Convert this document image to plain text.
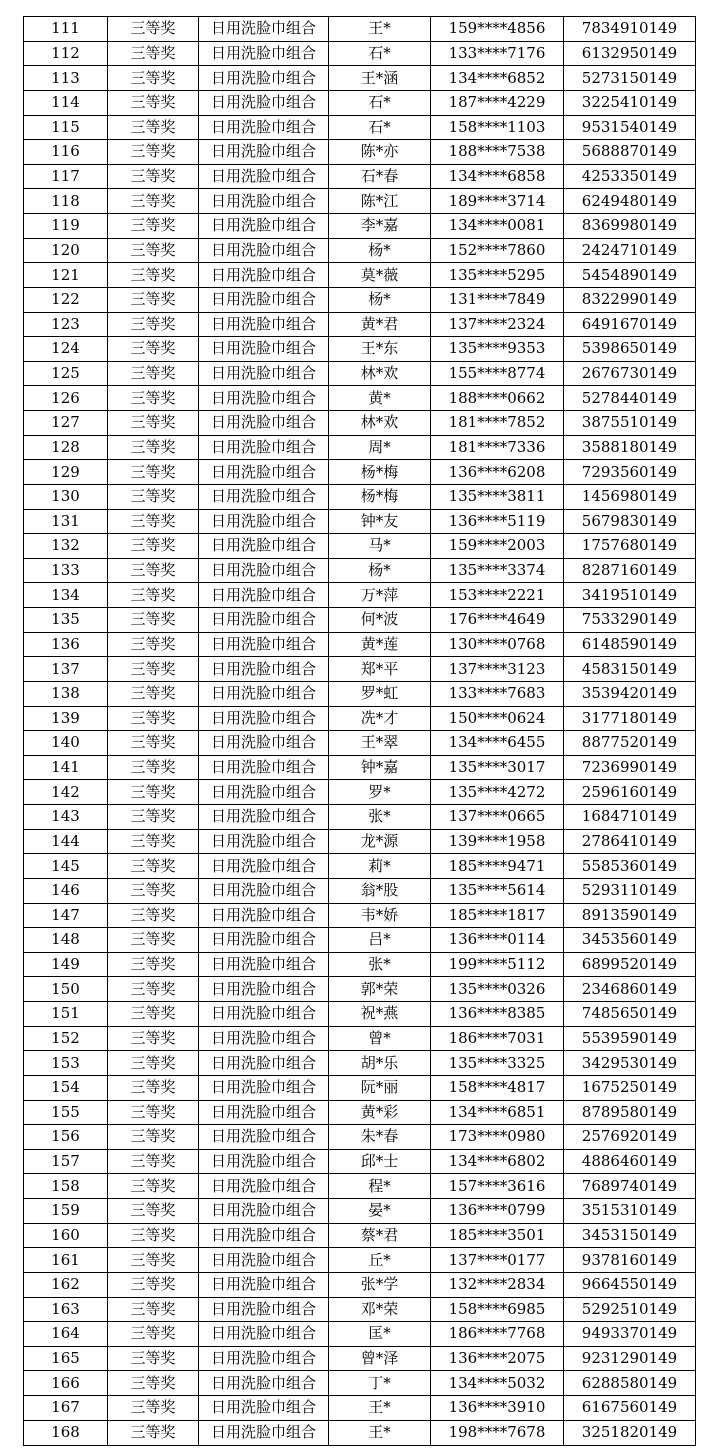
111	三等奖	日用洗脸巾组合	王*	159****4856	7834910149
112	三等奖	日用洗脸巾组合	石*	133****7176	6132950149
113	三等奖	日用洗脸巾组合	王*涵	134****6852	5273150149
114	三等奖	日用洗脸巾组合	石*	187****4229	3225410149
115	三等奖	日用洗脸巾组合	石*	158****1103	9531540149
116	三等奖	日用洗脸巾组合	陈*亦	188****7538	5688870149
117	三等奖	日用洗脸巾组合	石*春	134****6858	4253350149
118	三等奖	日用洗脸巾组合	陈*江	189****3714	6249480149
119	三等奖	日用洗脸巾组合	李*嘉	134****0081	8369980149
120	三等奖	日用洗脸巾组合	杨*	152****7860	2424710149
121	三等奖	日用洗脸巾组合	莫*薇	135****5295	5454890149
122	三等奖	日用洗脸巾组合	杨*	131****7849	8322990149
123	三等奖	日用洗脸巾组合	黄*君	137****2324	6491670149
124	三等奖	日用洗脸巾组合	王*东	135****9353	5398650149
125	三等奖	日用洗脸巾组合	林*欢	155****8774	2676730149
126	三等奖	日用洗脸巾组合	黄*	188****0662	5278440149
127	三等奖	日用洗脸巾组合	林*欢	181****7852	3875510149
128	三等奖	日用洗脸巾组合	周*	181****7336	3588180149
129	三等奖	日用洗脸巾组合	杨*梅	136****6208	7293560149
130	三等奖	日用洗脸巾组合	杨*梅	135****3811	1456980149
131	三等奖	日用洗脸巾组合	钟*友	136****5119	5679830149
132	三等奖	日用洗脸巾组合	马*	159****2003	1757680149
133	三等奖	日用洗脸巾组合	杨*	135****3374	8287160149
134	三等奖	日用洗脸巾组合	万*萍	153****2221	3419510149
135	三等奖	日用洗脸巾组合	何*波	176****4649	7533290149
136	三等奖	日用洗脸巾组合	黄*莲	130****0768	6148590149
137	三等奖	日用洗脸巾组合	郑*平	137****3123	4583150149
138	三等奖	日用洗脸巾组合	罗*虹	133****7683	3539420149
139	三等奖	日用洗脸巾组合	冼*才	150****0624	3177180149
140	三等奖	日用洗脸巾组合	王*翠	134****6455	8877520149
141	三等奖	日用洗脸巾组合	钟*嘉	135****3017	7236990149
142	三等奖	日用洗脸巾组合	罗*	135****4272	2596160149
143	三等奖	日用洗脸巾组合	张*	137****0665	1684710149
144	三等奖	日用洗脸巾组合	龙*源	139****1958	2786410149
145	三等奖	日用洗脸巾组合	莉*	185****9471	5585360149
146	三等奖	日用洗脸巾组合	翁*股	135****5614	5293110149
147	三等奖	日用洗脸巾组合	韦*娇	185****1817	8913590149
148	三等奖	日用洗脸巾组合	吕*	136****0114	3453560149
149	三等奖	日用洗脸巾组合	张*	199****5112	6899520149
150	三等奖	日用洗脸巾组合	郭*荣	135****0326	2346860149
151	三等奖	日用洗脸巾组合	祝*燕	136****8385	7485650149
152	三等奖	日用洗脸巾组合	曾*	186****7031	5539590149
153	三等奖	日用洗脸巾组合	胡*乐	135****3325	3429530149
154	三等奖	日用洗脸巾组合	阮*丽	158****4817	1675250149
155	三等奖	日用洗脸巾组合	黄*彩	134****6851	8789580149
156	三等奖	日用洗脸巾组合	朱*春	173****0980	2576920149
157	三等奖	日用洗脸巾组合	邱*士	134****6802	4886460149
158	三等奖	日用洗脸巾组合	程*	157****3616	7689740149
159	三等奖	日用洗脸巾组合	晏*	136****0799	3515310149
160	三等奖	日用洗脸巾组合	蔡*君	185****3501	3453150149
161	三等奖	日用洗脸巾组合	丘*	137****0177	9378160149
162	三等奖	日用洗脸巾组合	张*学	132****2834	9664550149
163	三等奖	日用洗脸巾组合	邓*荣	158****6985	5292510149
164	三等奖	日用洗脸巾组合	匡*	186****7768	9493370149
165	三等奖	日用洗脸巾组合	曾*泽	136****2075	9231290149
166	三等奖	日用洗脸巾组合	丁*	134****5032	6288580149
167	三等奖	日用洗脸巾组合	王*	136****3910	6167560149
168	三等奖	日用洗脸巾组合	王*	198****7678	3251820149
